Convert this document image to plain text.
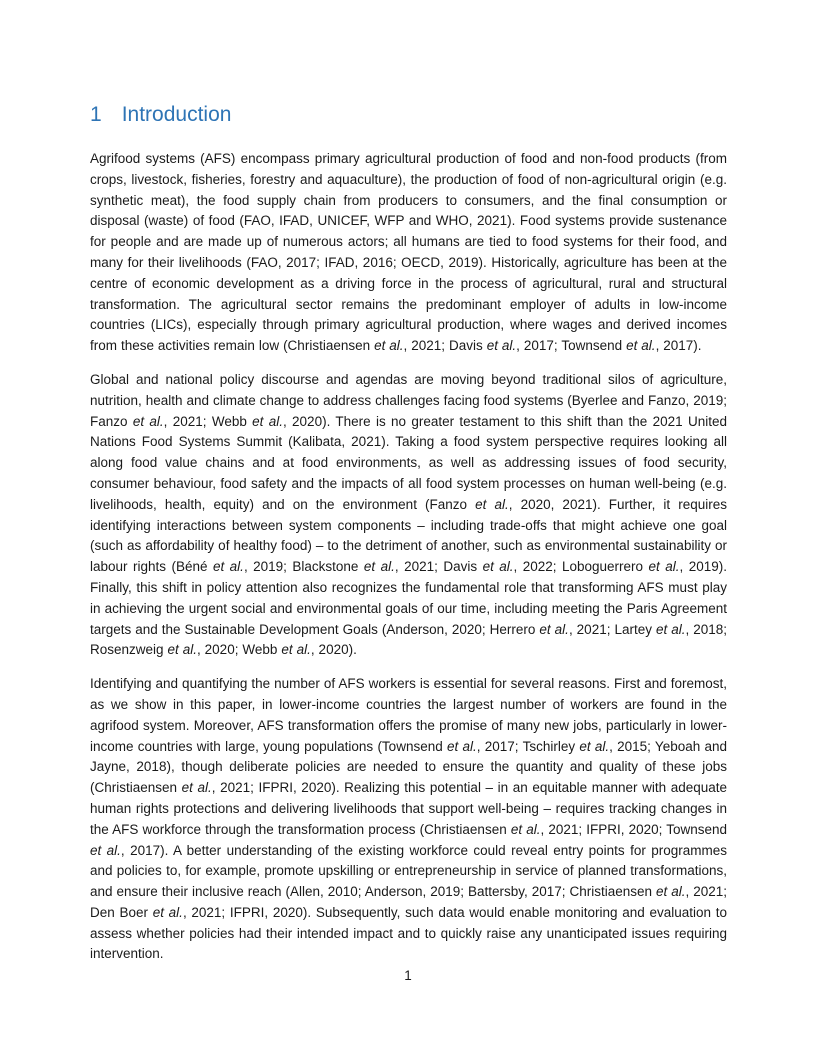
1 Introduction

Agrifood systems (AFS) encompass primary agricultural production of food and non-food products (from crops, livestock, fisheries, forestry and aquaculture), the production of food of non-agricultural origin (e.g. synthetic meat), the food supply chain from producers to consumers, and the final consumption or disposal (waste) of food (FAO, IFAD, UNICEF, WFP and WHO, 2021). Food systems provide sustenance for people and are made up of numerous actors; all humans are tied to food systems for their food, and many for their livelihoods (FAO, 2017; IFAD, 2016; OECD, 2019). Historically, agriculture has been at the centre of economic development as a driving force in the process of agricultural, rural and structural transformation. The agricultural sector remains the predominant employer of adults in low-income countries (LICs), especially through primary agricultural production, where wages and derived incomes from these activities remain low (Christiaensen et al., 2021; Davis et al., 2017; Townsend et al., 2017).

Global and national policy discourse and agendas are moving beyond traditional silos of agriculture, nutrition, health and climate change to address challenges facing food systems (Byerlee and Fanzo, 2019; Fanzo et al., 2021; Webb et al., 2020). There is no greater testament to this shift than the 2021 United Nations Food Systems Summit (Kalibata, 2021). Taking a food system perspective requires looking all along food value chains and at food environments, as well as addressing issues of food security, consumer behaviour, food safety and the impacts of all food system processes on human well-being (e.g. livelihoods, health, equity) and on the environment (Fanzo et al., 2020, 2021). Further, it requires identifying interactions between system components – including trade-offs that might achieve one goal (such as affordability of healthy food) – to the detriment of another, such as environmental sustainability or labour rights (Béné et al., 2019; Blackstone et al., 2021; Davis et al., 2022; Loboguerrero et al., 2019). Finally, this shift in policy attention also recognizes the fundamental role that transforming AFS must play in achieving the urgent social and environmental goals of our time, including meeting the Paris Agreement targets and the Sustainable Development Goals (Anderson, 2020; Herrero et al., 2021; Lartey et al., 2018; Rosenzweig et al., 2020; Webb et al., 2020).

Identifying and quantifying the number of AFS workers is essential for several reasons. First and foremost, as we show in this paper, in lower-income countries the largest number of workers are found in the agrifood system. Moreover, AFS transformation offers the promise of many new jobs, particularly in lower-income countries with large, young populations (Townsend et al., 2017; Tschirley et al., 2015; Yeboah and Jayne, 2018), though deliberate policies are needed to ensure the quantity and quality of these jobs (Christiaensen et al., 2021; IFPRI, 2020). Realizing this potential – in an equitable manner with adequate human rights protections and delivering livelihoods that support well-being – requires tracking changes in the AFS workforce through the transformation process (Christiaensen et al., 2021; IFPRI, 2020; Townsend et al., 2017). A better understanding of the existing workforce could reveal entry points for programmes and policies to, for example, promote upskilling or entrepreneurship in service of planned transformations, and ensure their inclusive reach (Allen, 2010; Anderson, 2019; Battersby, 2017; Christiaensen et al., 2021; Den Boer et al., 2021; IFPRI, 2020). Subsequently, such data would enable monitoring and evaluation to assess whether policies had their intended impact and to quickly raise any unanticipated issues requiring intervention.

1
